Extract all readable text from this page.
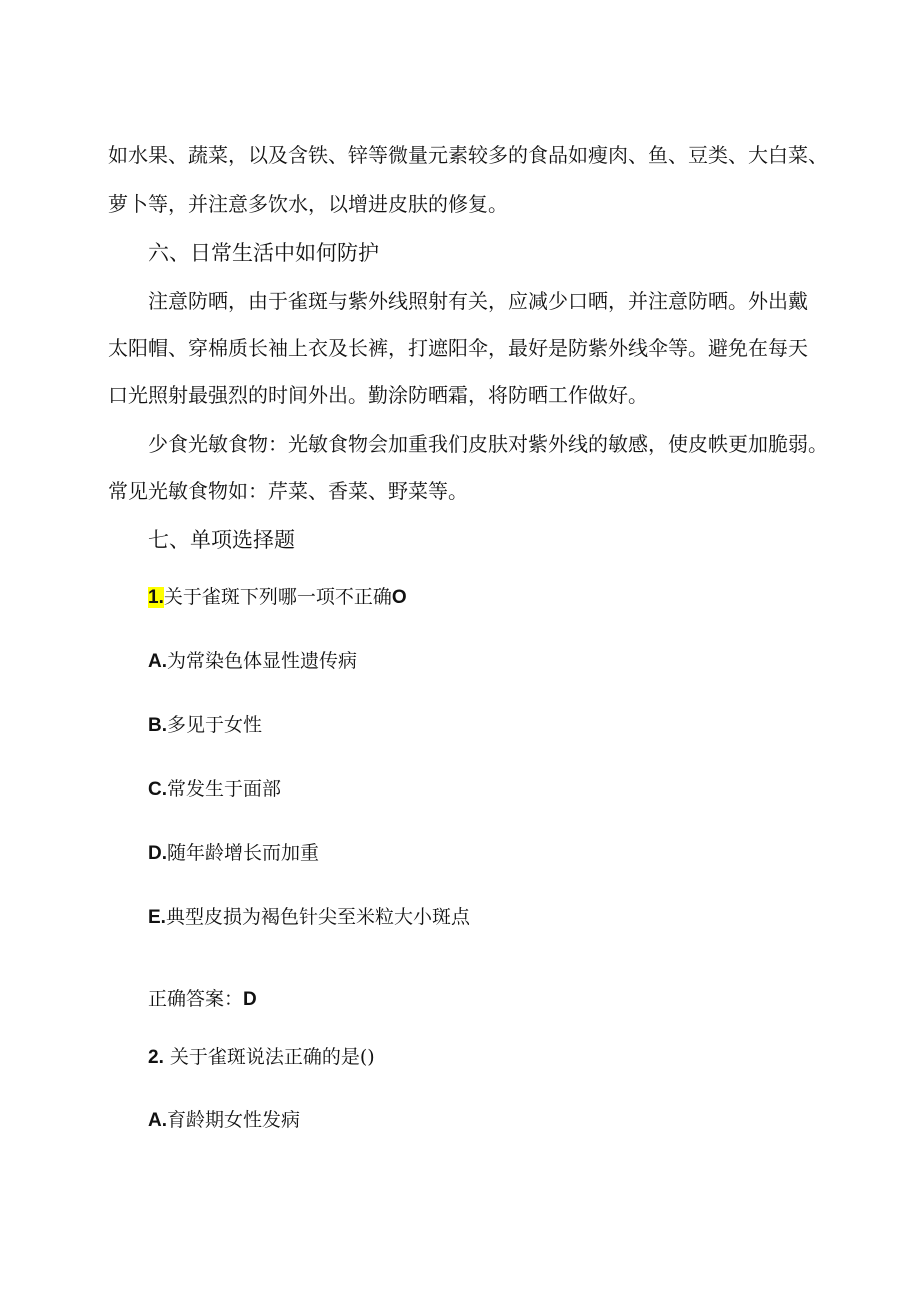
如水果、蔬菜，以及含铁、锌等微量元素较多的食品如瘦肉、鱼、豆类、大白菜、
萝卜等，并注意多饮水，以增进皮肤的修复。
六、日常生活中如何防护
注意防晒，由于雀斑与紫外线照射有关，应减少口晒，并注意防晒。外出戴
太阳帽、穿棉质长袖上衣及长裤，打遮阳伞，最好是防紫外线伞等。避免在每天
口光照射最强烈的时间外出。勤涂防晒霜，将防晒工作做好。
少食光敏食物：光敏食物会加重我们皮肤对紫外线的敏感，使皮帙更加脆弱。
常见光敏食物如：芹菜、香菜、野菜等。
七、单项选择题
1.关于雀斑下列哪一项不正确O
A.为常染色体显性遗传病
B.多见于女性
C.常发生于面部
D.随年龄增长而加重
E.典型皮损为褐色针尖至米粒大小斑点
正确答案：D
2. 关于雀斑说法正确的是()
A.育龄期女性发病
